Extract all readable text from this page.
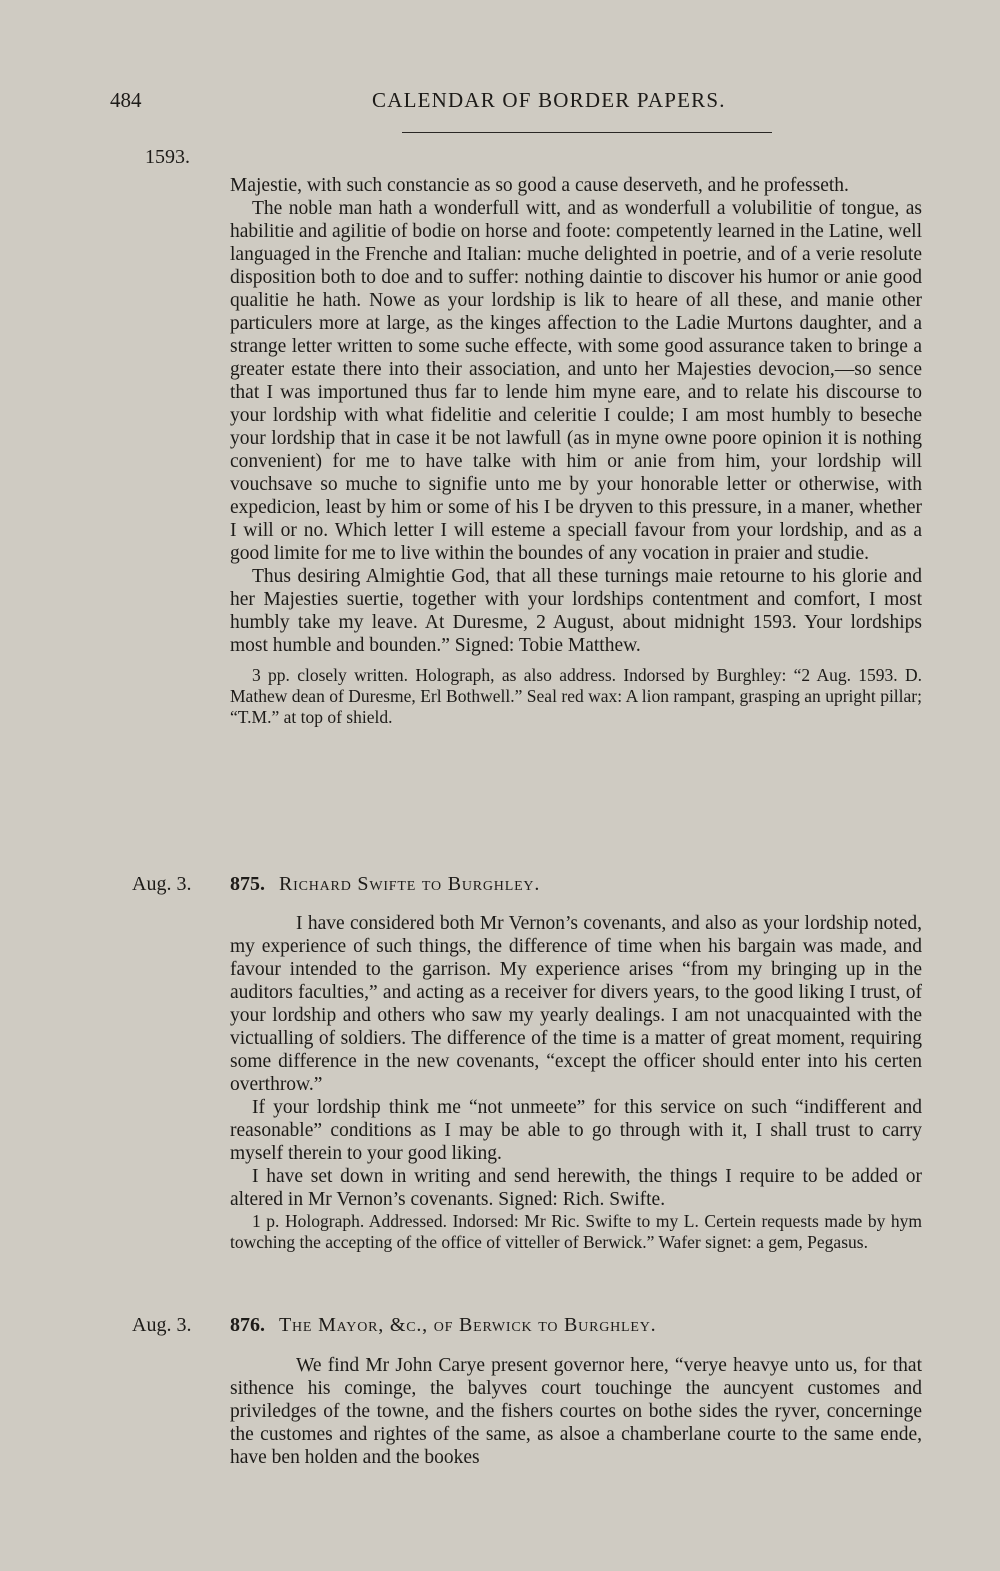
484	CALENDAR OF BORDER PAPERS.
1593.

Majestie, with such constancie as so good a cause deserveth, and he professeth.

The noble man hath a wonderfull witt, and as wonderfull a volubilitie of tongue, as habilitie and agilitie of bodie on horse and foote: competently learned in the Latine, well languaged in the Frenche and Italian: muche delighted in poetrie, and of a verie resolute disposition both to doe and to suffer: nothing daintie to discover his humor or anie good qualitie he hath. Nowe as your lordship is lik to heare of all these, and manie other particulers more at large, as the kinges affection to the Ladie Murtons daughter, and a strange letter written to some suche effecte, with some good assurance taken to bringe a greater estate there into their association, and unto her Majesties devocion,—so sence that I was importuned thus far to lende him myne eare, and to relate his discourse to your lordship with what fidelitie and celeritie I coulde; I am most humbly to beseche your lordship that in case it be not lawfull (as in myne owne poore opinion it is nothing convenient) for me to have talke with him or anie from him, your lordship will vouchsave so muche to signifie unto me by your honorable letter or otherwise, with expedicion, least by him or some of his I be dryven to this pressure, in a maner, whether I will or no. Which letter I will esteme a speciall favour from your lordship, and as a good limite for me to live within the boundes of any vocation in praier and studie.

Thus desiring Almightie God, that all these turnings maie retourne to his glorie and her Majesties suertie, together with your lordships contentment and comfort, I most humbly take my leave. At Duresme, 2 August, about midnight 1593. Your lordships most humble and bounden.” Signed: Tobie Matthew.

3 pp. closely written. Holograph, as also address. Indorsed by Burghley: “2 Aug. 1593. D. Mathew dean of Duresme, Erl Bothwell.” Seal red wax: A lion rampant, grasping an upright pillar; “T.M.” at top of shield.

Aug. 3. 875. Richard Swifte to Burghley.

I have considered both Mr Vernon’s covenants, and also as your lordship noted, my experience of such things, the difference of time when his bargain was made, and favour intended to the garrison. My experience arises “from my bringing up in the auditors faculties,” and acting as a receiver for divers years, to the good liking I trust, of your lordship and others who saw my yearly dealings. I am not unacquainted with the victualling of soldiers. The difference of the time is a matter of great moment, requiring some difference in the new covenants, “except the officer should enter into his certen overthrow.”

If your lordship think me “not unmeete” for this service on such “indifferent and reasonable” conditions as I may be able to go through with it, I shall trust to carry myself therein to your good liking.

I have set down in writing and send herewith, the things I require to be added or altered in Mr Vernon’s covenants. Signed: Rich. Swifte.

1 p. Holograph. Addressed. Indorsed: Mr Ric. Swifte to my L. Certein requests made by hym towching the accepting of the office of vitteller of Berwick.” Wafer signet: a gem, Pegasus.

Aug. 3. 876. The Mayor, &c., of Berwick to Burghley.

We find Mr John Carye present governor here, “verye heavye unto us, for that sithence his cominge, the balyves court touchinge the auncyent customes and priviledges of the towne, and the fishers courtes on bothe sides the ryver, concerninge the customes and rightes of the same, as alsoe a chamberlane courte to the same ende, have ben holden and the bookes
